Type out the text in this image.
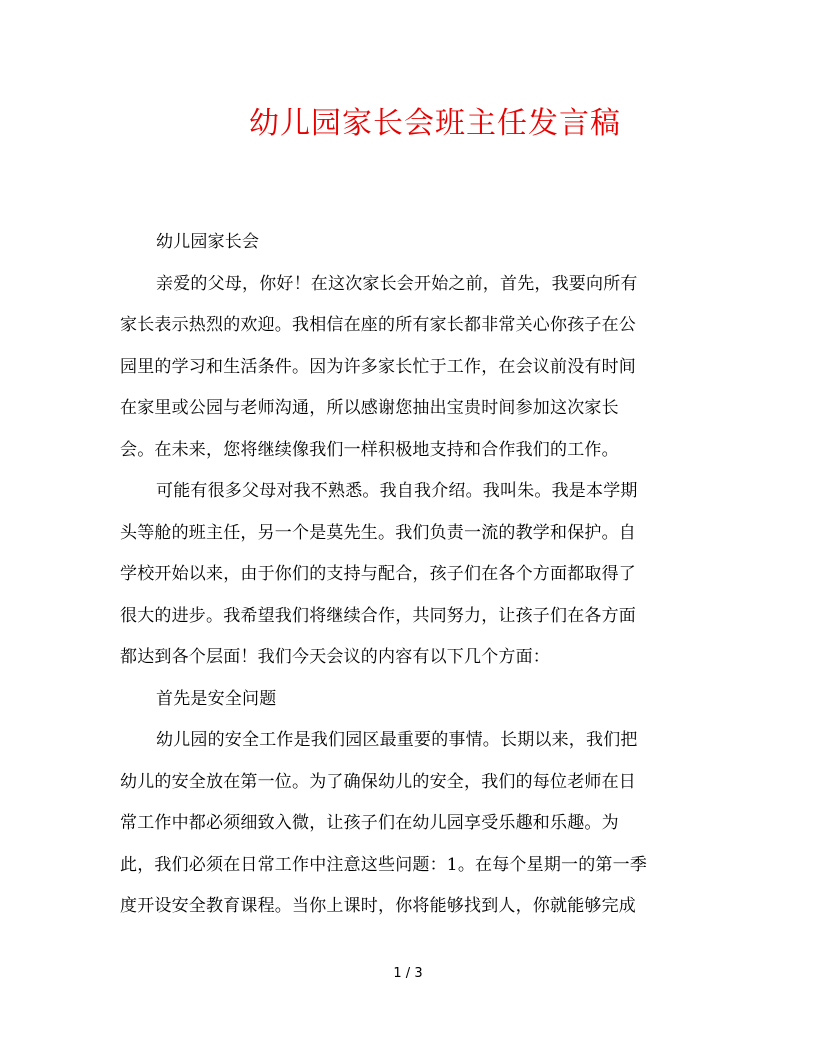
幼儿园家长会班主任发言稿
幼儿园家长会
亲爱的父母，你好！在这次家长会开始之前，首先，我要向所有
家长表示热烈的欢迎。我相信在座的所有家长都非常关心你孩子在公
园里的学习和生活条件。因为许多家长忙于工作，在会议前没有时间
在家里或公园与老师沟通，所以感谢您抽出宝贵时间参加这次家长
会。在未来，您将继续像我们一样积极地支持和合作我们的工作。
可能有很多父母对我不熟悉。我自我介绍。我叫朱。我是本学期
头等舱的班主任，另一个是莫先生。我们负责一流的教学和保护。自
学校开始以来，由于你们的支持与配合，孩子们在各个方面都取得了
很大的进步。我希望我们将继续合作，共同努力，让孩子们在各方面
都达到各个层面！我们今天会议的内容有以下几个方面：
首先是安全问题
幼儿园的安全工作是我们园区最重要的事情。长期以来，我们把
幼儿的安全放在第一位。为了确保幼儿的安全，我们的每位老师在日
常工作中都必须细致入微，让孩子们在幼儿园享受乐趣和乐趣。为
此，我们必须在日常工作中注意这些问题：1。在每个星期一的第一季
度开设安全教育课程。当你上课时，你将能够找到人，你就能够完成
1 / 3
